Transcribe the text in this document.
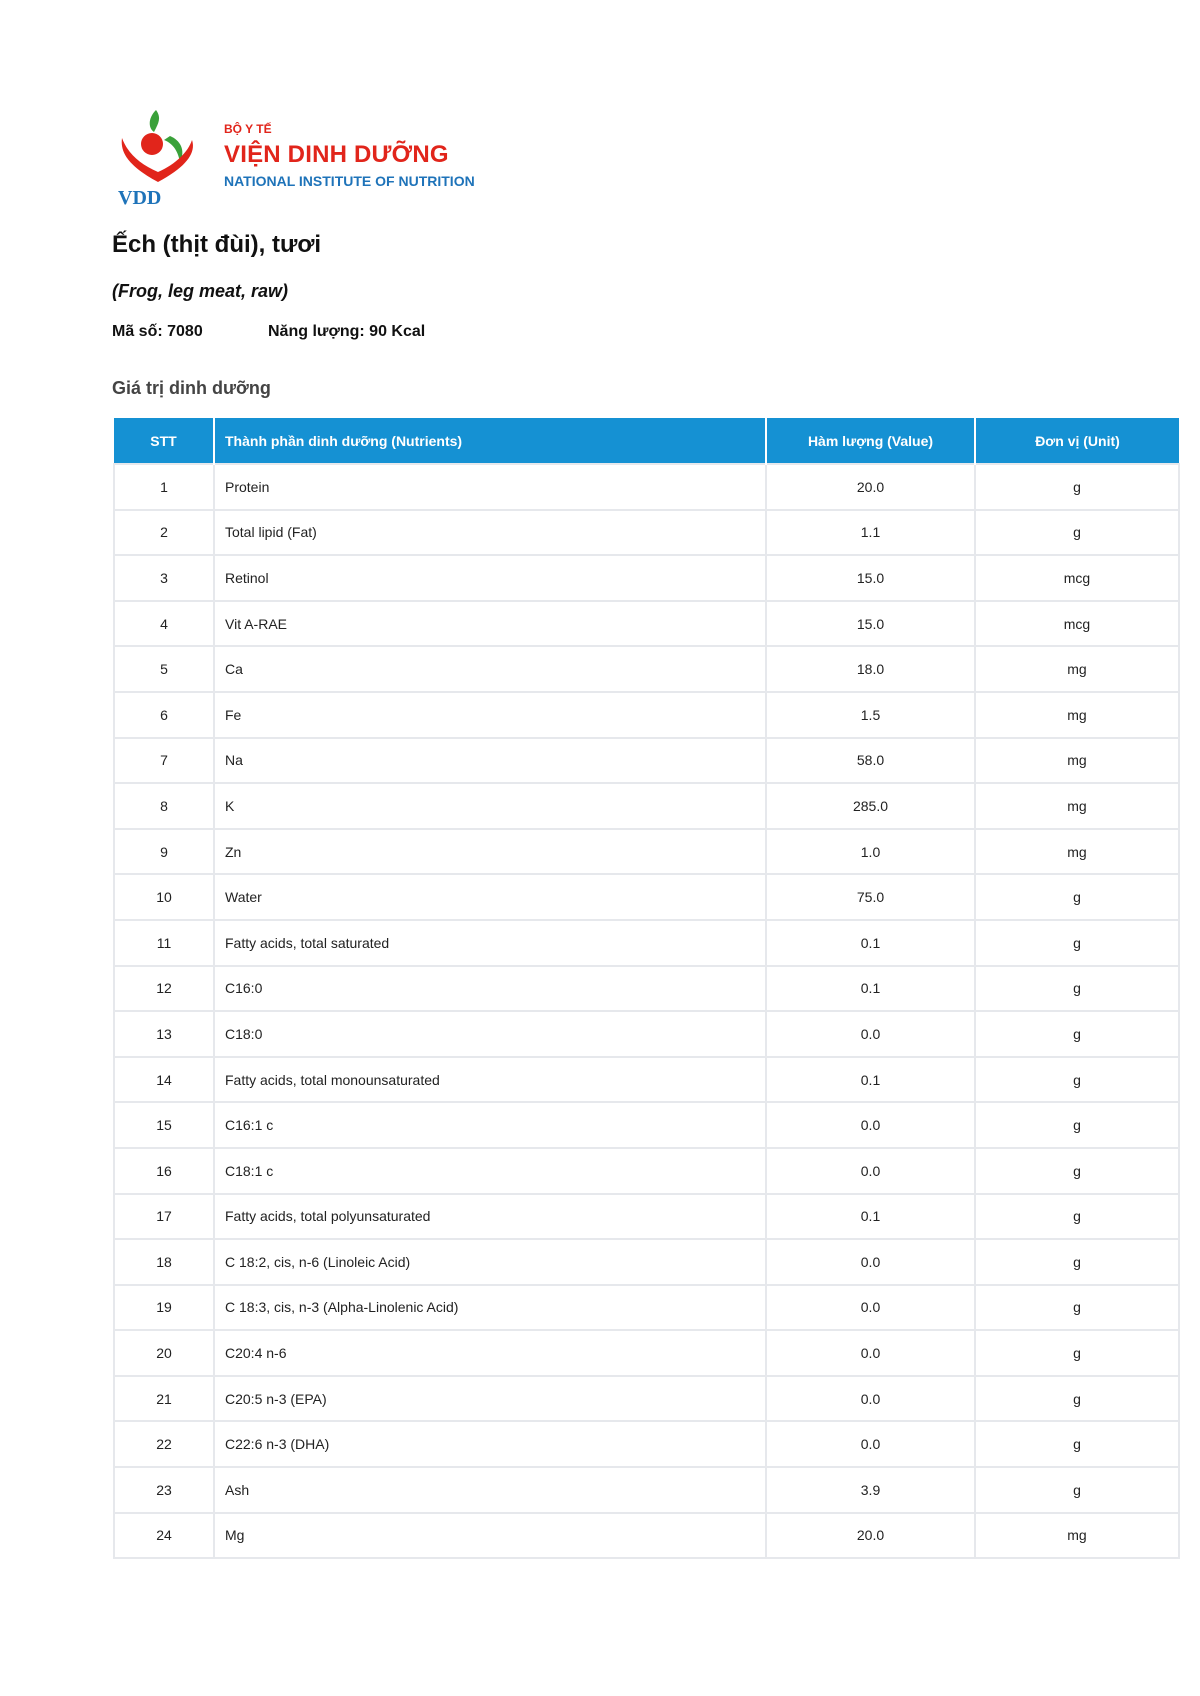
VDD
BỘ Y TẾ
VIỆN DINH DƯỠNG
NATIONAL INSTITUTE OF NUTRITION
Ếch (thịt đùi), tươi
(Frog, leg meat, raw)
Mã số: 7080	Năng lượng: 90 Kcal
Giá trị dinh dưỡng
STT	Thành phần dinh dưỡng (Nutrients)	Hàm lượng (Value)	Đơn vị (Unit)
1	Protein	20.0	g
2	Total lipid (Fat)	1.1	g
3	Retinol	15.0	mcg
4	Vit A-RAE	15.0	mcg
5	Ca	18.0	mg
6	Fe	1.5	mg
7	Na	58.0	mg
8	K	285.0	mg
9	Zn	1.0	mg
10	Water	75.0	g
11	Fatty acids, total saturated	0.1	g
12	C16:0	0.1	g
13	C18:0	0.0	g
14	Fatty acids, total monounsaturated	0.1	g
15	C16:1 c	0.0	g
16	C18:1 c	0.0	g
17	Fatty acids, total polyunsaturated	0.1	g
18	C 18:2, cis, n-6 (Linoleic Acid)	0.0	g
19	C 18:3, cis, n-3 (Alpha-Linolenic Acid)	0.0	g
20	C20:4 n-6	0.0	g
21	C20:5 n-3 (EPA)	0.0	g
22	C22:6 n-3 (DHA)	0.0	g
23	Ash	3.9	g
24	Mg	20.0	mg
